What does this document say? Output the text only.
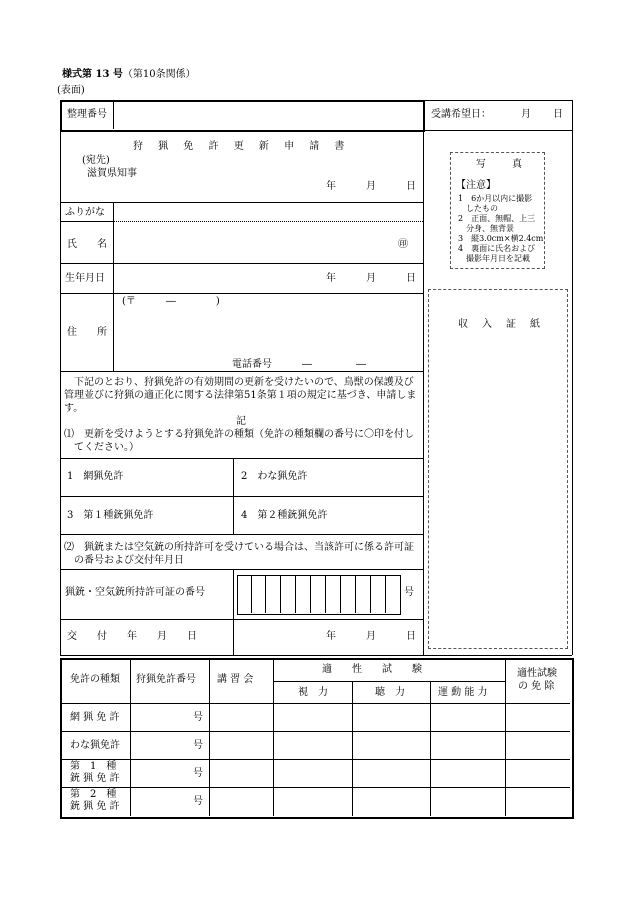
様式第 13 号（第10条関係）
(表面)
整理番号	受講希望日：	月 日
狩 猟 免 許 更 新 申 請 書
(宛先)
滋賀県知事
年	月	日
ふりがな
氏　　名	㊞
生年月日	年	月	日
(〒　　　―　　　　)
住　　所
電話番号	―	―
　下記のとおり、狩猟免許の有効期間の更新を受けたいので、鳥獣の保護及び
管理並びに狩猟の適正化に関する法律第51条第１項の規定に基づき、申請しま
す。
記
⑴　更新を受けようとする狩猟免許の種類（免許の種類欄の番号に〇印を付し
　てください。）
1　網猟免許	2　わな猟免許
3　第１種銃猟免許	4　第２種銃猟免許
⑵　猟銃または空気銃の所持許可を受けている場合は、当該許可に係る許可証
　の番号および交付年月日
猟銃・空気銃所持許可証の番号	号
交　　付　　年　　月　　日	年	月	日
写　　真
【注意】
1　6か月以内に撮影
　したもの
2　正面、無帽、上三
　分身、無背景
3　縦3.0cm×横2.4cm
4　裏面に氏名および
　撮影年月日を記載
収　入　証　紙
免許の種類 狩猟免許番号 講 習 会
適　　性　　試　　験
視　力	聴　力	運 動 能 力
適性試験
の 免 除
網 猟 免 許	号
わな猟免許	号
第　1　種
銃 猟 免 許	号
第　2　種
銃 猟 免 許	号
